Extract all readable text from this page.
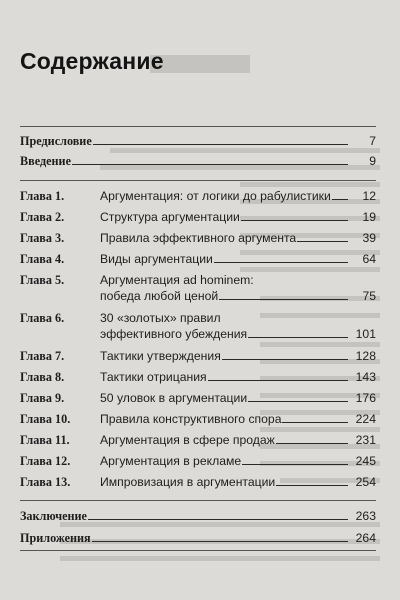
Содержание
Предисловие	7
Введение	9
Глава 1.	Аргументация: от логики до рабулистики	12
Глава 2.	Структура аргументации	19
Глава 3.	Правила эффективного аргумента	39
Глава 4.	Виды аргументации	64
Глава 5.	Аргументация ad hominem:
победа любой ценой	75
Глава 6.	30 «золотых» правил
эффективного убеждения	101
Глава 7.	Тактики утверждения	128
Глава 8.	Тактики отрицания	143
Глава 9.	50 уловок в аргументации	176
Глава 10. Правила конструктивного спора	224
Глава 11. Аргументация в сфере продаж	231
Глава 12. Аргументация в рекламе	245
Глава 13. Импровизация в аргументации	254
Заключение	263
Приложения	264
